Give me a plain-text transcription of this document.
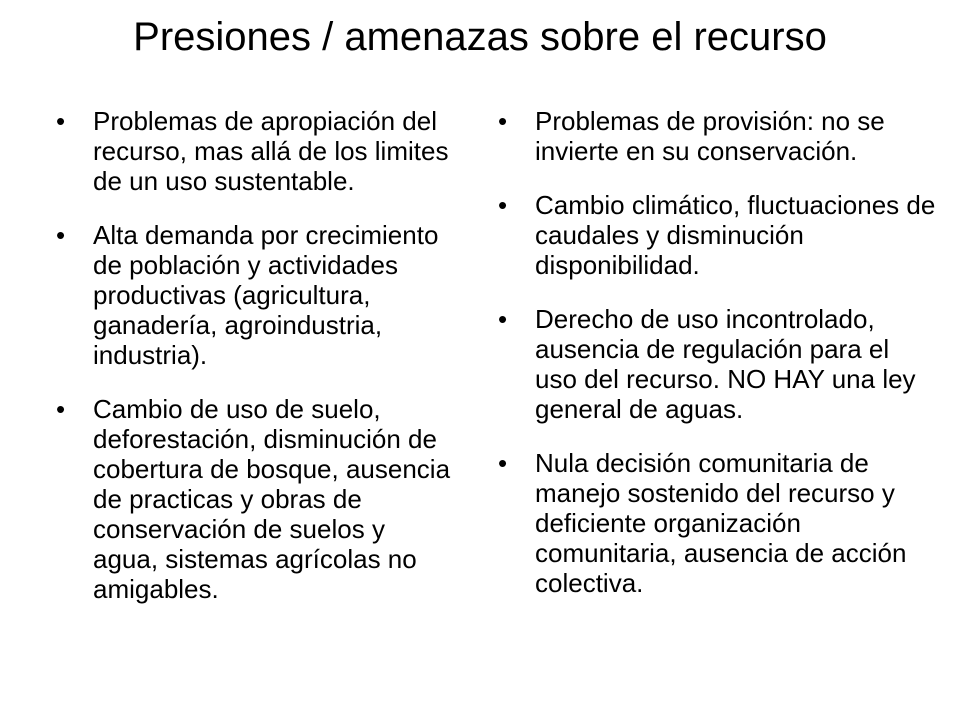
Presiones / amenazas sobre el recurso
•	Problemas de apropiación del recurso, mas allá de los limites de un uso sustentable.
•	Alta demanda por crecimiento de población y actividades productivas (agricultura, ganadería, agroindustria, industria).
•	Cambio de uso de suelo, deforestación, disminución de cobertura de bosque, ausencia de practicas y obras de conservación de suelos y agua, sistemas agrícolas no amigables.
•	Problemas de provisión: no se invierte en su conservación.
•	Cambio climático, fluctuaciones de caudales y disminución disponibilidad.
•	Derecho de uso incontrolado, ausencia de regulación para el uso del recurso. NO HAY una ley general de aguas.
•	Nula decisión comunitaria de manejo sostenido del recurso y deficiente organización comunitaria, ausencia de acción colectiva.
